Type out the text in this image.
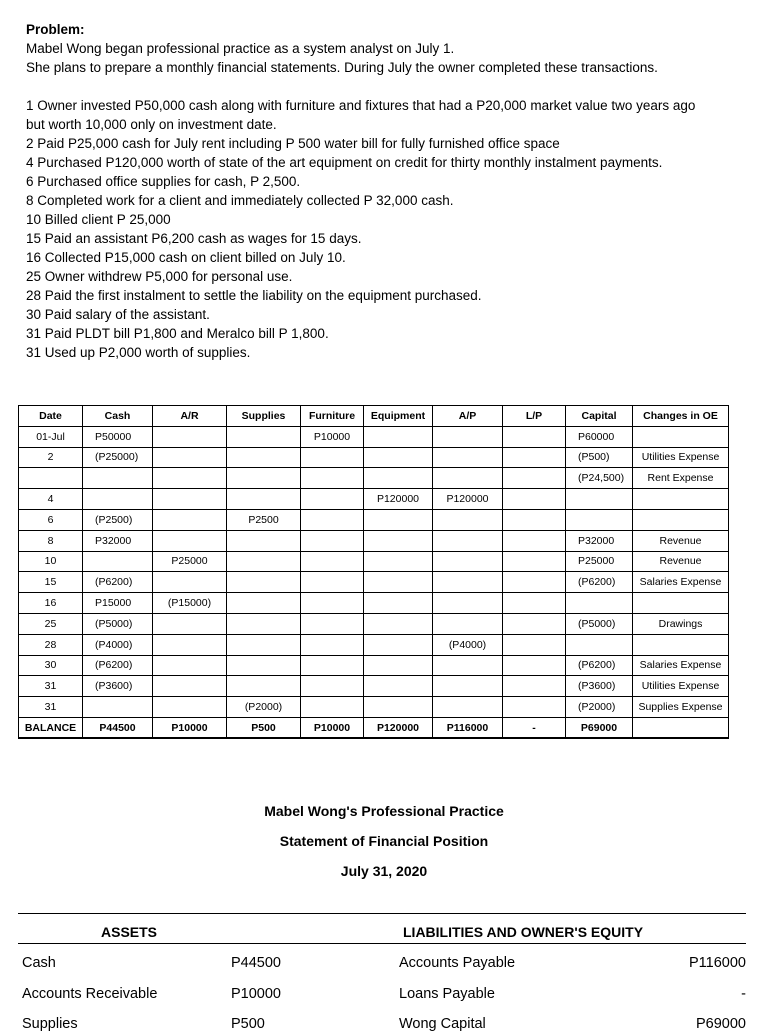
Problem:
Mabel Wong began professional practice as a system analyst on July 1.
She plans to prepare a monthly financial statements. During July the owner completed these transactions.
1 Owner invested P50,000 cash along with furniture and fixtures that had a P20,000 market value two years ago
but worth 10,000 only on investment date.
2 Paid P25,000 cash for July rent including P 500 water bill for fully furnished office space
4 Purchased P120,000 worth of state of the art equipment on credit for thirty monthly instalment payments.
6 Purchased office supplies for cash, P 2,500.
8 Completed work for a client and immediately collected P 32,000 cash.
10 Billed client P 25,000
15 Paid an assistant P6,200 cash as wages for 15 days.
16 Collected P15,000 cash on client billed on July 10.
25 Owner withdrew P5,000 for personal use.
28 Paid the first instalment to settle the liability on the equipment purchased.
30 Paid salary of the assistant.
31 Paid PLDT bill P1,800 and Meralco bill P 1,800.
31 Used up P2,000 worth of supplies.
Date	Cash	A/R	Supplies	Furniture	Equipment	A/P	L/P	Capital	Changes in OE
01-Jul	P50000			P10000				P60000	
2	(P25000)							(P500)	Utilities Expense
								(P24,500)	Rent Expense
4					P120000	P120000			
6	(P2500)		P2500						
8	P32000							P32000	Revenue
10		P25000						P25000	Revenue
15	(P6200)							(P6200)	Salaries Expense
16	P15000	(P15000)							
25	(P5000)							(P5000)	Drawings
28	(P4000)					(P4000)			
30	(P6200)							(P6200)	Salaries Expense
31	(P3600)							(P3600)	Utilities Expense
31			(P2000)					(P2000)	Supplies Expense
BALANCE	P44500	P10000	P500	P10000	P120000	P116000	-	P69000	
Mabel Wong's Professional Practice
Statement of Financial Position
July 31, 2020
ASSETS	LIABILITIES AND OWNER'S EQUITY
Cash	P44500	Accounts Payable	P116000
Accounts Receivable	P10000	Loans Payable	-
Supplies	P500	Wong Capital	P69000
